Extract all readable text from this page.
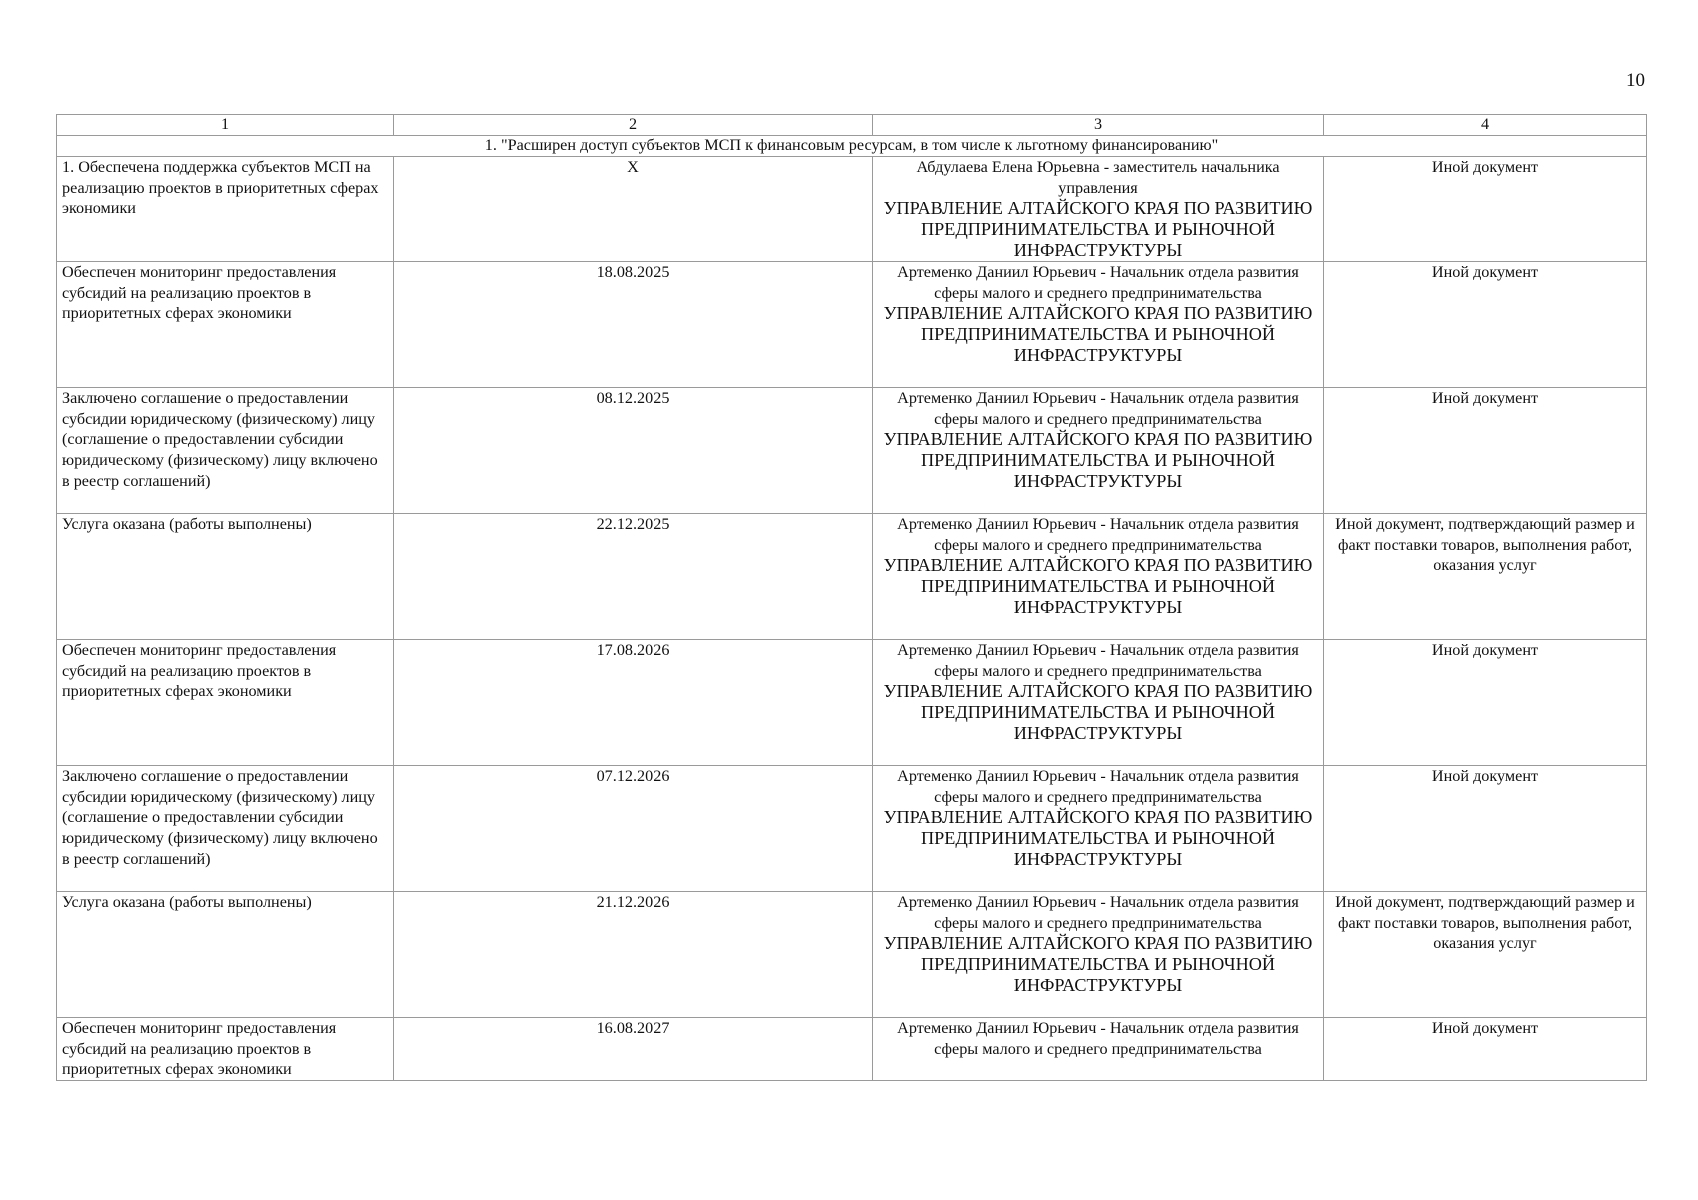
10
1	2	3	4
1. "Расширен доступ субъектов МСП к финансовым ресурсам, в том числе к льготному финансированию"			
1. Обеспечена поддержка субъектов МСП на реализацию проектов в приоритетных сферах экономики	X	Абдулаева Елена Юрьевна - заместитель начальника управления
УПРАВЛЕНИЕ АЛТАЙСКОГО КРАЯ ПО РАЗВИТИЮ ПРЕДПРИНИМАТЕЛЬСТВА И РЫНОЧНОЙ ИНФРАСТРУКТУРЫ	Иной документ
Обеспечен мониторинг предоставления субсидий на реализацию проектов в приоритетных сферах экономики	18.08.2025	Артеменко Даниил Юрьевич - Начальник отдела развития сферы малого и среднего предпринимательства
УПРАВЛЕНИЕ АЛТАЙСКОГО КРАЯ ПО РАЗВИТИЮ ПРЕДПРИНИМАТЕЛЬСТВА И РЫНОЧНОЙ ИНФРАСТРУКТУРЫ	Иной документ
Заключено соглашение о предоставлении субсидии юридическому (физическому) лицу (соглашение о предоставлении субсидии юридическому (физическому) лицу включено в реестр соглашений)	08.12.2025	Артеменко Даниил Юрьевич - Начальник отдела развития сферы малого и среднего предпринимательства
УПРАВЛЕНИЕ АЛТАЙСКОГО КРАЯ ПО РАЗВИТИЮ ПРЕДПРИНИМАТЕЛЬСТВА И РЫНОЧНОЙ ИНФРАСТРУКТУРЫ	Иной документ
Услуга оказана (работы выполнены)	22.12.2025	Артеменко Даниил Юрьевич - Начальник отдела развития сферы малого и среднего предпринимательства
УПРАВЛЕНИЕ АЛТАЙСКОГО КРАЯ ПО РАЗВИТИЮ ПРЕДПРИНИМАТЕЛЬСТВА И РЫНОЧНОЙ ИНФРАСТРУКТУРЫ	Иной документ, подтверждающий размер и факт поставки товаров, выполнения работ, оказания услуг
Обеспечен мониторинг предоставления субсидий на реализацию проектов в приоритетных сферах экономики	17.08.2026	Артеменко Даниил Юрьевич - Начальник отдела развития сферы малого и среднего предпринимательства
УПРАВЛЕНИЕ АЛТАЙСКОГО КРАЯ ПО РАЗВИТИЮ ПРЕДПРИНИМАТЕЛЬСТВА И РЫНОЧНОЙ ИНФРАСТРУКТУРЫ	Иной документ
Заключено соглашение о предоставлении субсидии юридическому (физическому) лицу (соглашение о предоставлении субсидии юридическому (физическому) лицу включено в реестр соглашений)	07.12.2026	Артеменко Даниил Юрьевич - Начальник отдела развития сферы малого и среднего предпринимательства
УПРАВЛЕНИЕ АЛТАЙСКОГО КРАЯ ПО РАЗВИТИЮ ПРЕДПРИНИМАТЕЛЬСТВА И РЫНОЧНОЙ ИНФРАСТРУКТУРЫ	Иной документ
Услуга оказана (работы выполнены)	21.12.2026	Артеменко Даниил Юрьевич - Начальник отдела развития сферы малого и среднего предпринимательства
УПРАВЛЕНИЕ АЛТАЙСКОГО КРАЯ ПО РАЗВИТИЮ ПРЕДПРИНИМАТЕЛЬСТВА И РЫНОЧНОЙ ИНФРАСТРУКТУРЫ	Иной документ, подтверждающий размер и факт поставки товаров, выполнения работ, оказания услуг
Обеспечен мониторинг предоставления субсидий на реализацию проектов в приоритетных сферах экономики	16.08.2027	Артеменко Даниил Юрьевич - Начальник отдела развития сферы малого и среднего предпринимательства	Иной документ
